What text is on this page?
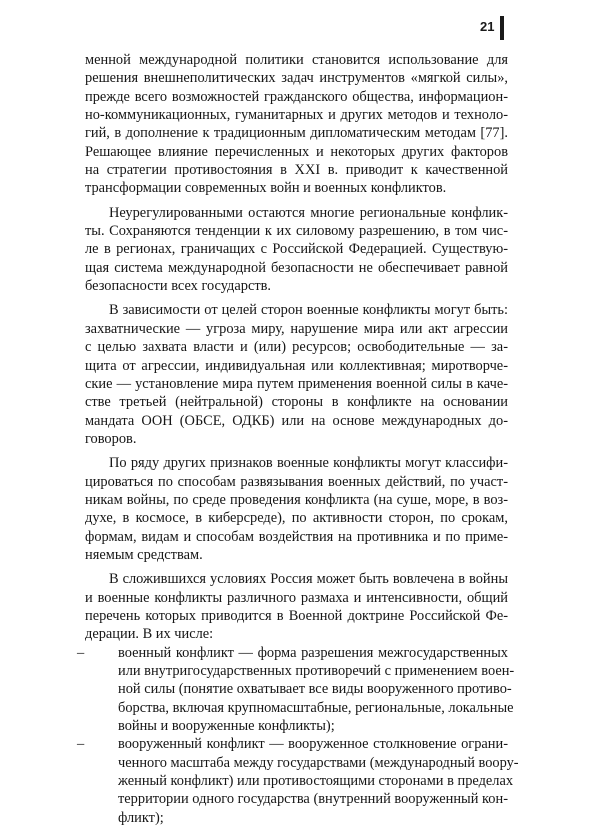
21
менной международной политики становится использование для
решения внешнеполитических задач инструментов «мягкой силы»,
прежде всего возможностей гражданского общества, информацион-
но-коммуникационных, гуманитарных и других методов и техноло-
гий, в дополнение к традиционным дипломатическим методам [77].
Решающее влияние перечисленных и некоторых других факторов
на стратегии противостояния в XXI в. приводит к качественной
трансформации современных войн и военных конфликтов.
Неурегулированными остаются многие региональные конфлик-
ты. Сохраняются тенденции к их силовому разрешению, в том чис-
ле в регионах, граничащих с Российской Федерацией. Существую-
щая система международной безопасности не обеспечивает равной
безопасности всех государств.
В зависимости от целей сторон военные конфликты могут быть:
захватнические — угроза миру, нарушение мира или акт агрессии
с целью захвата власти и (или) ресурсов; освободительные — за-
щита от агрессии, индивидуальная или коллективная; миротворче-
ские — установление мира путем применения военной силы в каче-
стве третьей (нейтральной) стороны в конфликте на основании
мандата ООН (ОБСЕ, ОДКБ) или на основе международных до-
говоров.
По ряду других признаков военные конфликты могут классифи-
цироваться по способам развязывания военных действий, по участ-
никам войны, по среде проведения конфликта (на суше, море, в воз-
духе, в космосе, в киберсреде), по активности сторон, по срокам,
формам, видам и способам воздействия на противника и по приме-
няемым средствам.
В сложившихся условиях Россия может быть вовлечена в войны
и военные конфликты различного размаха и интенсивности, общий
перечень которых приводится в Военной доктрине Российской Фе-
дерации. В их числе:
– военный конфликт — форма разрешения межгосударственных
или внутригосударственных противоречий с применением воен-
ной силы (понятие охватывает все виды вооруженного противо-
борства, включая крупномасштабные, региональные, локальные
войны и вооруженные конфликты);
– вооруженный конфликт — вооруженное столкновение ограни-
ченного масштаба между государствами (международный воору-
женный конфликт) или противостоящими сторонами в пределах
территории одного государства (внутренний вооруженный кон-
фликт);
